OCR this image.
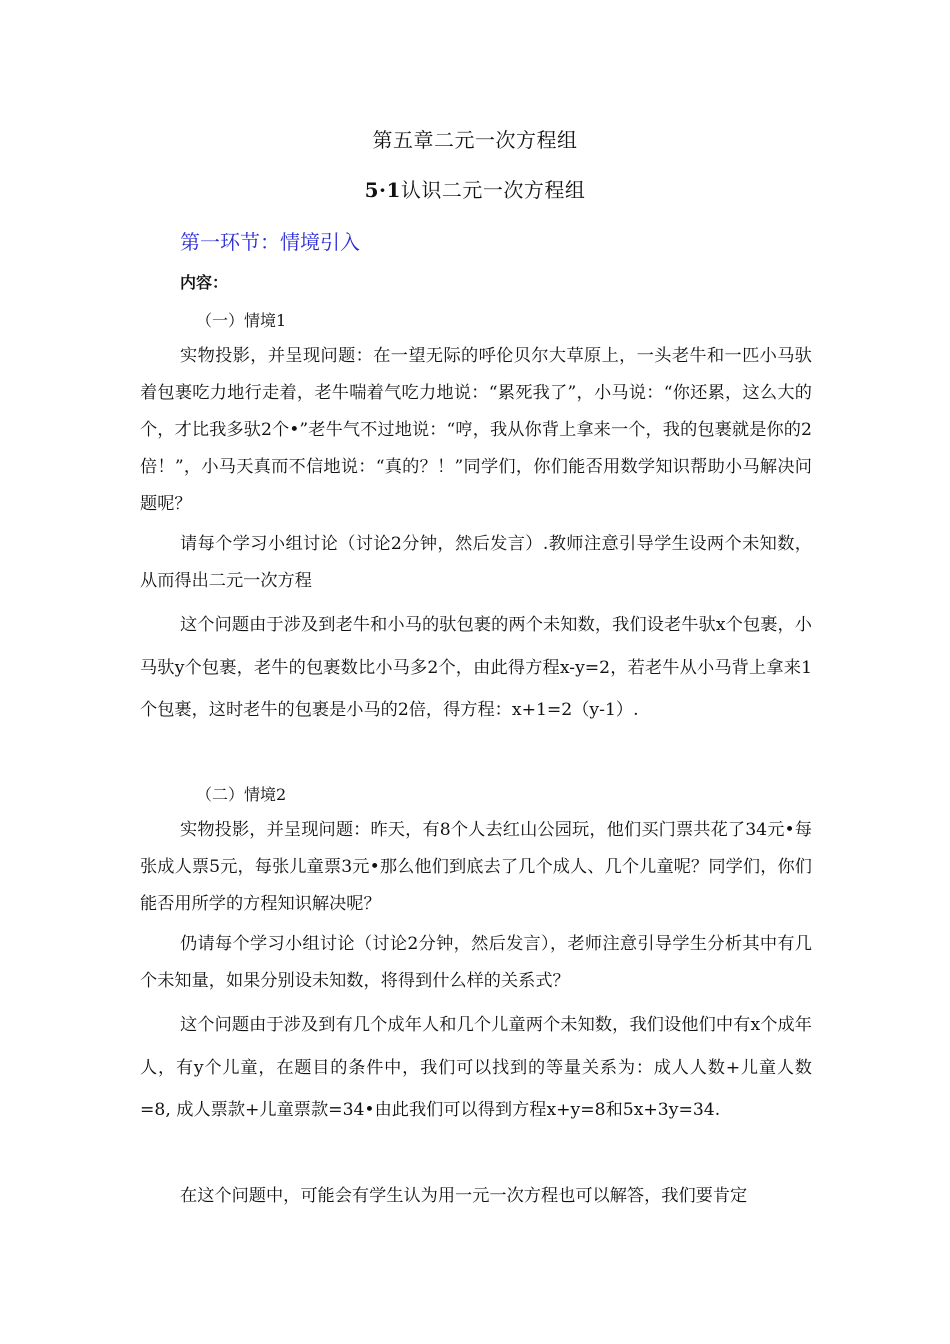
第五章二元一次方程组
5·1认识二元一次方程组
第一环节：情境引入
内容：
（一）情境1

实物投影，并呈现问题：在一望无际的呼伦贝尔大草原上，一头老牛和一匹小马驮着包裹吃力地行走着，老牛喘着气吃力地说：“累死我了”，小马说：“你还累，这么大的个，才比我多驮2个•”老牛气不过地说：“哼，我从你背上拿来一个，我的包裹就是你的2倍！”，小马天真而不信地说：“真的？！”同学们，你们能否用数学知识帮助小马解决问题呢？

请每个学习小组讨论（讨论2分钟，然后发言）.教师注意引导学生设两个未知数，从而得出二元一次方程

这个问题由于涉及到老牛和小马的驮包裹的两个未知数，我们设老牛驮x个包裹，小马驮y个包裹，老牛的包裹数比小马多2个，由此得方程x-y=2，若老牛从小马背上拿来1个包裹，这时老牛的包裹是小马的2倍，得方程：x+1=2（y-1）.

（二）情境2

实物投影，并呈现问题：昨天，有8个人去红山公园玩，他们买门票共花了34元•每张成人票5元，每张儿童票3元•那么他们到底去了几个成人、几个儿童呢？同学们，你们能否用所学的方程知识解决呢？

仍请每个学习小组讨论（讨论2分钟，然后发言），老师注意引导学生分析其中有几个未知量，如果分别设未知数，将得到什么样的关系式？

这个问题由于涉及到有几个成年人和几个儿童两个未知数，我们设他们中有x个成年人，有y个儿童，在题目的条件中，我们可以找到的等量关系为：成人人数+儿童人数=8, 成人票款+儿童票款=34•由此我们可以得到方程x+y=8和5x+3y=34.

在这个问题中，可能会有学生认为用一元一次方程也可以解答，我们要肯定
